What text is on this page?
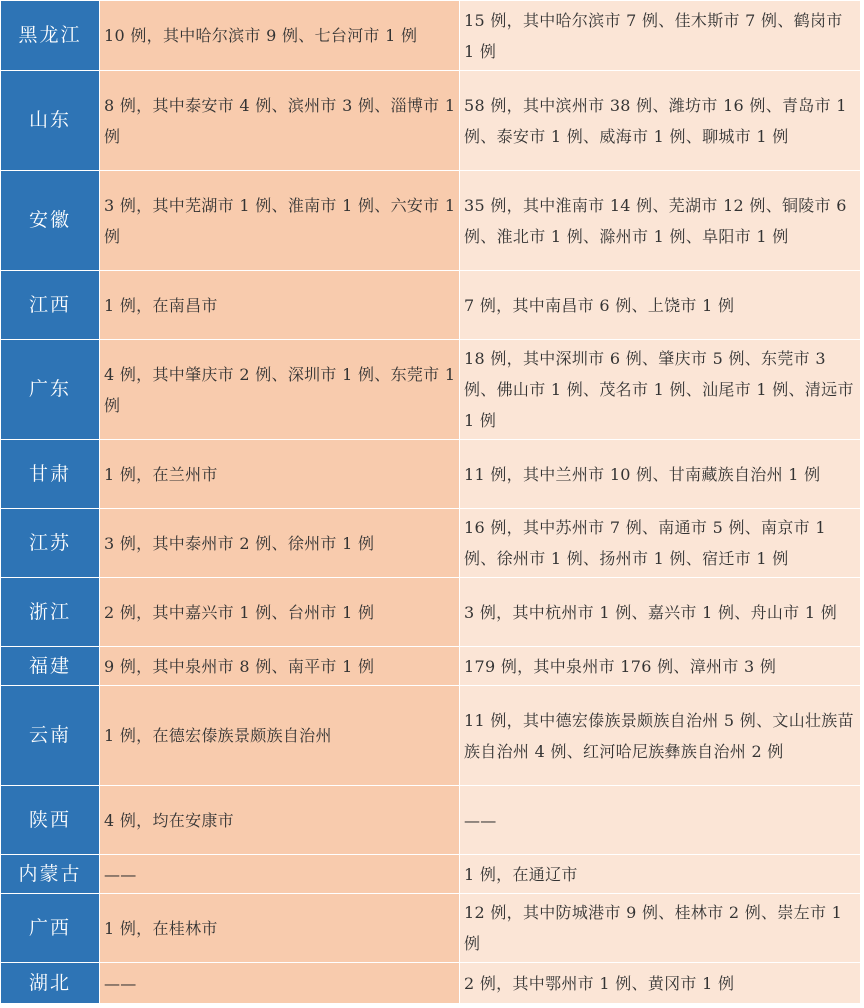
黑龙江	10 例，其中哈尔滨市 9 例、七台河市 1 例	15 例，其中哈尔滨市 7 例、佳木斯市 7 例、鹤岗市 1 例
山东	8 例，其中泰安市 4 例、滨州市 3 例、淄博市 1 例	58 例，其中滨州市 38 例、潍坊市 16 例、青岛市 1 例、泰安市 1 例、威海市 1 例、聊城市 1 例
安徽	3 例，其中芜湖市 1 例、淮南市 1 例、六安市 1 例	35 例，其中淮南市 14 例、芜湖市 12 例、铜陵市 6 例、淮北市 1 例、滁州市 1 例、阜阳市 1 例
江西	1 例，在南昌市	7 例，其中南昌市 6 例、上饶市 1 例
广东	4 例，其中肇庆市 2 例、深圳市 1 例、东莞市 1 例	18 例，其中深圳市 6 例、肇庆市 5 例、东莞市 3 例、佛山市 1 例、茂名市 1 例、汕尾市 1 例、清远市 1 例
甘肃	1 例，在兰州市	11 例，其中兰州市 10 例、甘南藏族自治州 1 例
江苏	3 例，其中泰州市 2 例、徐州市 1 例	16 例，其中苏州市 7 例、南通市 5 例、南京市 1 例、徐州市 1 例、扬州市 1 例、宿迁市 1 例
浙江	2 例，其中嘉兴市 1 例、台州市 1 例	3 例，其中杭州市 1 例、嘉兴市 1 例、舟山市 1 例
福建	9 例，其中泉州市 8 例、南平市 1 例	179 例，其中泉州市 176 例、漳州市 3 例
云南	1 例，在德宏傣族景颇族自治州	11 例，其中德宏傣族景颇族自治州 5 例、文山壮族苗族自治州 4 例、红河哈尼族彝族自治州 2 例
陕西	4 例，均在安康市	——
内蒙古	——	1 例，在通辽市
广西	1 例，在桂林市	12 例，其中防城港市 9 例、桂林市 2 例、崇左市 1 例
湖北	——	2 例，其中鄂州市 1 例、黄冈市 1 例
